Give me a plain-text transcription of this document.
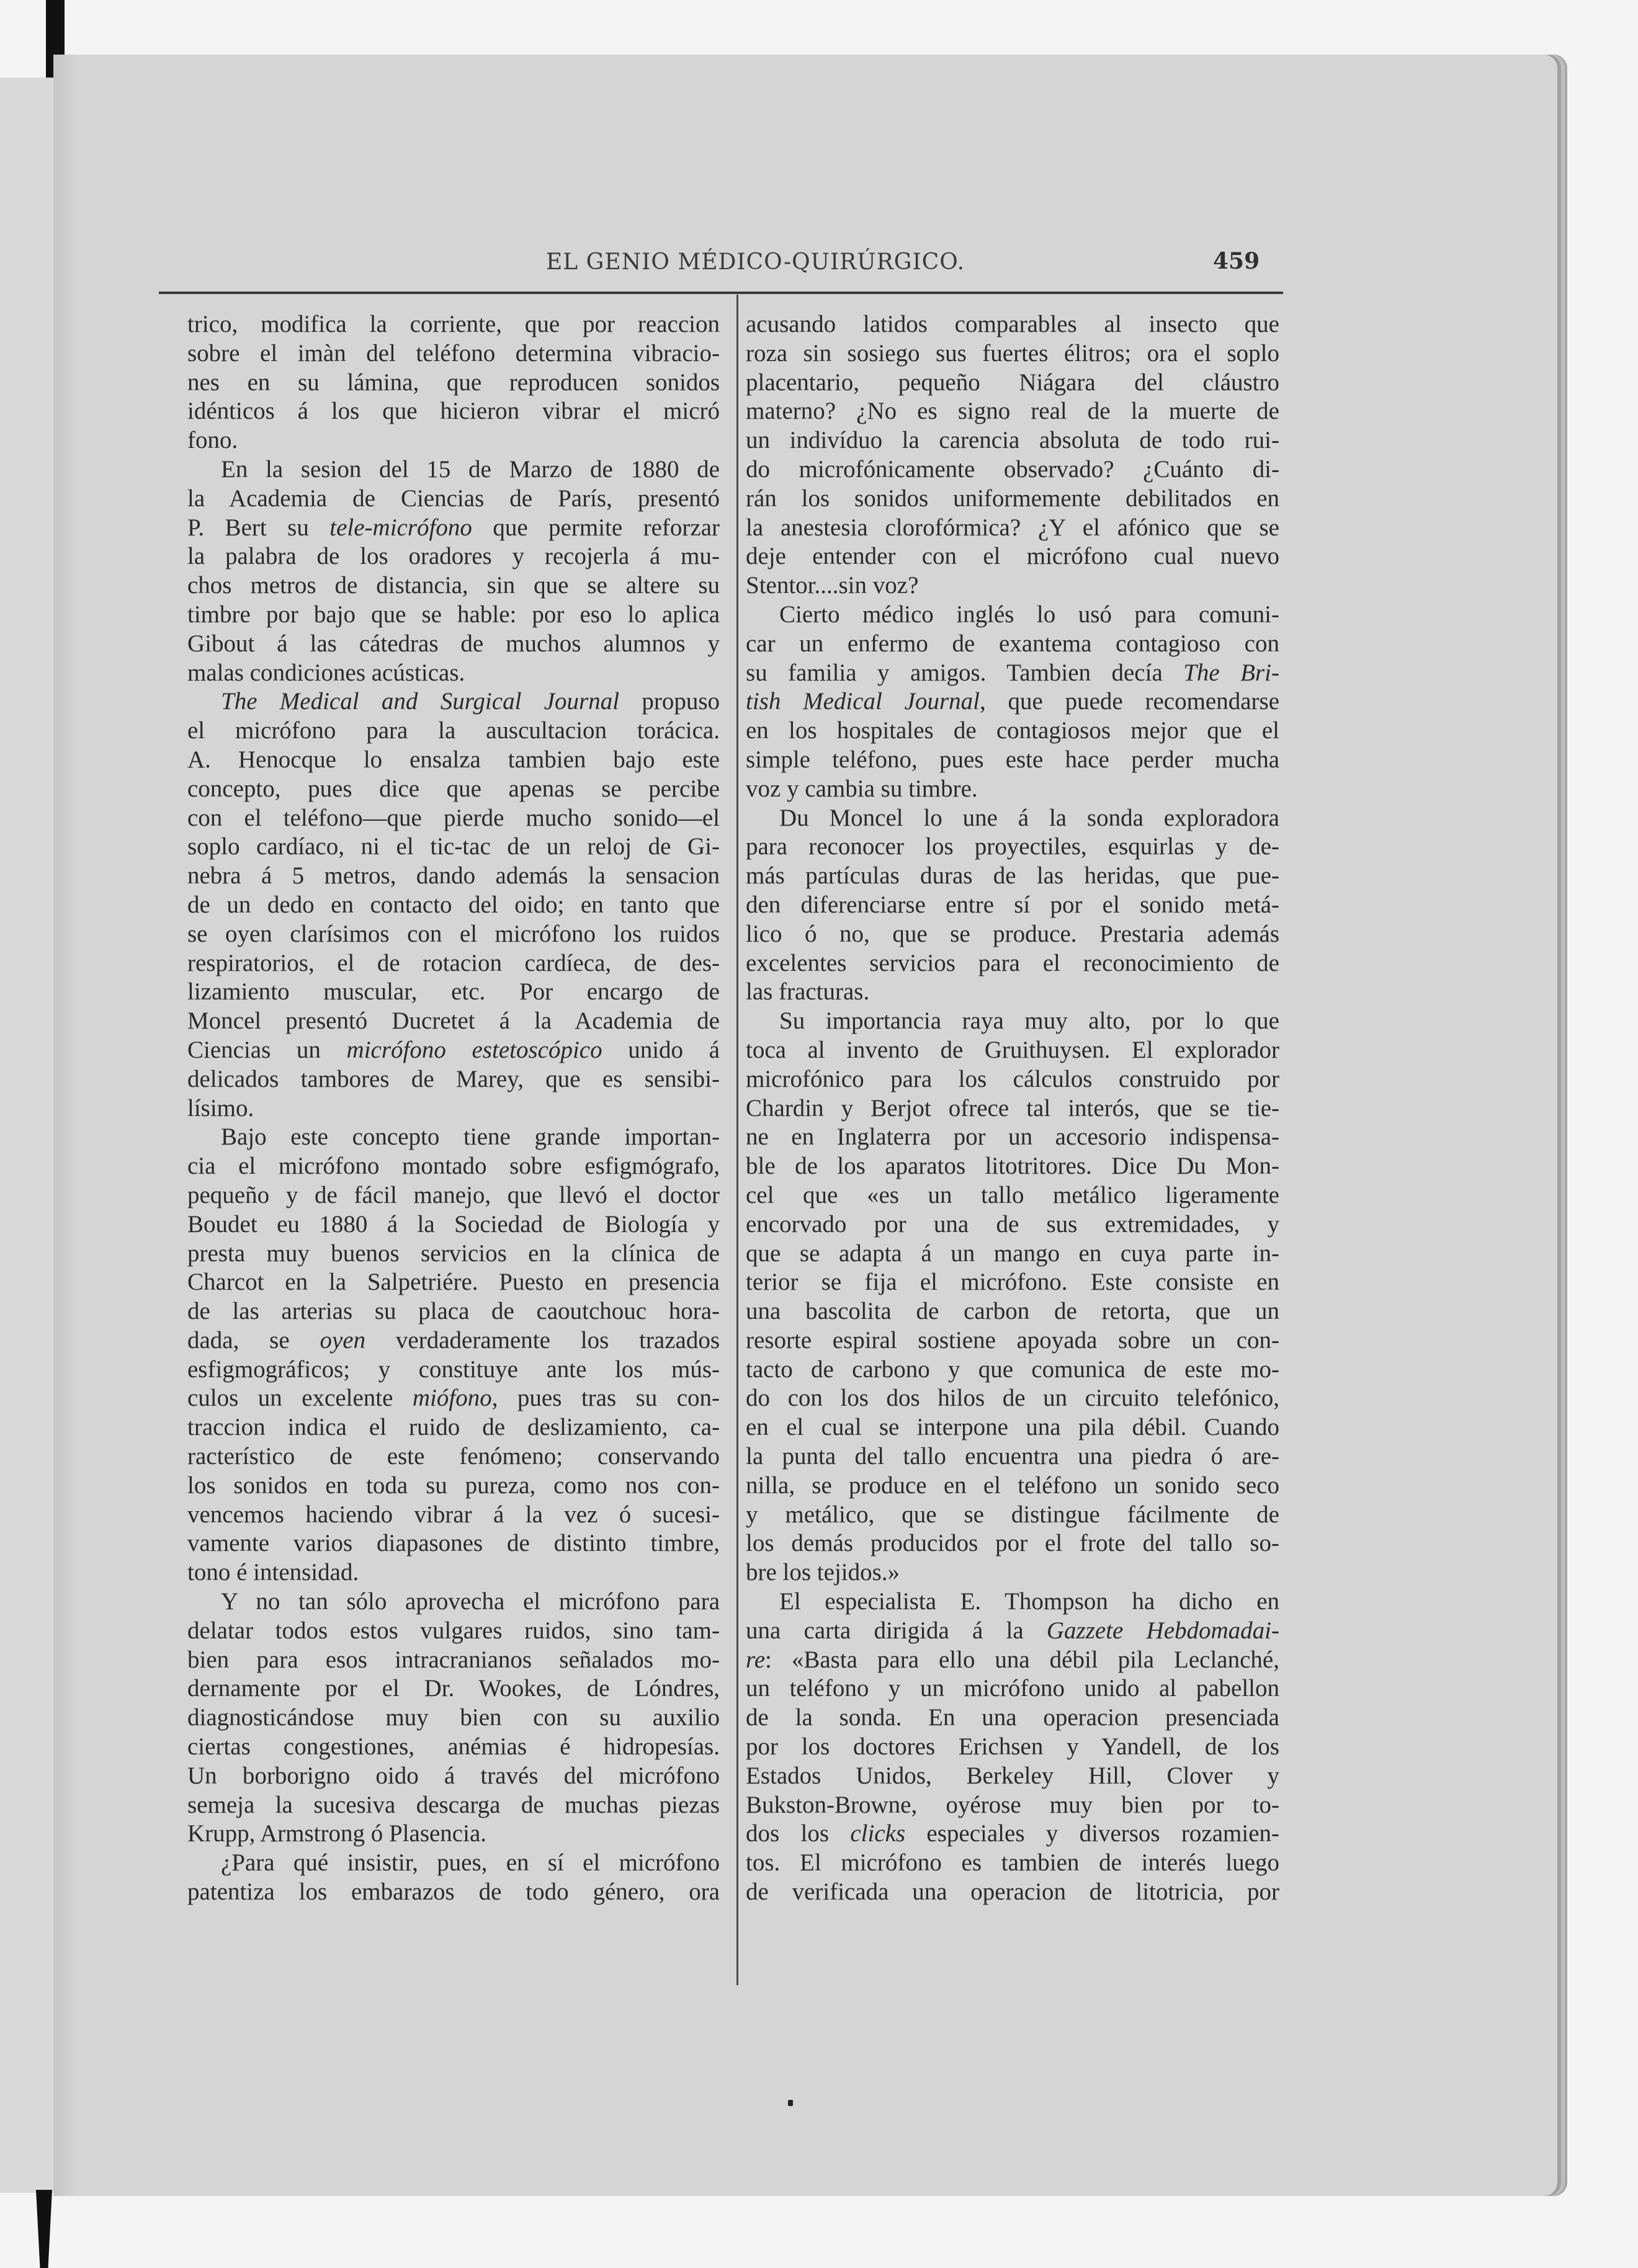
EL GENIO MÉDICO-QUIRÚRGICO.	459
trico, modifica la corriente, que por reaccion
sobre el imàn del teléfono determina vibracio-
nes en su lámina, que reproducen sonidos
idénticos á los que hicieron vibrar el micró
fono.
En la sesion del 15 de Marzo de 1880 de
la Academia de Ciencias de París, presentó
P. Bert su tele-micrófono que permite reforzar
la palabra de los oradores y recojerla á mu-
chos metros de distancia, sin que se altere su
timbre por bajo que se hable: por eso lo aplica
Gibout á las cátedras de muchos alumnos y
malas condiciones acústicas.
The Medical and Surgical Journal propuso
el micrófono para la auscultacion torácica.
A. Henocque lo ensalza tambien bajo este
concepto, pues dice que apenas se percibe
con el teléfono—que pierde mucho sonido—el
soplo cardíaco, ni el tic-tac de un reloj de Gi-
nebra á 5 metros, dando además la sensacion
de un dedo en contacto del oido; en tanto que
se oyen clarísimos con el micrófono los ruidos
respiratorios, el de rotacion cardíeca, de des-
lizamiento muscular, etc. Por encargo de
Moncel presentó Ducretet á la Academia de
Ciencias un micrófono estetoscópico unido á
delicados tambores de Marey, que es sensibi-
lísimo.
Bajo este concepto tiene grande importan-
cia el micrófono montado sobre esfigmógrafo,
pequeño y de fácil manejo, que llevó el doctor
Boudet eu 1880 á la Sociedad de Biología y
presta muy buenos servicios en la clínica de
Charcot en la Salpetriére. Puesto en presencia
de las arterias su placa de caoutchouc hora-
dada, se oyen verdaderamente los trazados
esfigmográficos; y constituye ante los mús-
culos un excelente miófono, pues tras su con-
traccion indica el ruido de deslizamiento, ca-
racterístico de este fenómeno; conservando
los sonidos en toda su pureza, como nos con-
vencemos haciendo vibrar á la vez ó sucesi-
vamente varios diapasones de distinto timbre,
tono é intensidad.
Y no tan sólo aprovecha el micrófono para
delatar todos estos vulgares ruidos, sino tam-
bien para esos intracranianos señalados mo-
dernamente por el Dr. Wookes, de Lóndres,
diagnosticándose muy bien con su auxilio
ciertas congestiones, anémias é hidropesías.
Un borborigno oido á través del micrófono
semeja la sucesiva descarga de muchas piezas
Krupp, Armstrong ó Plasencia.
¿Para qué insistir, pues, en sí el micrófono
patentiza los embarazos de todo género, ora
acusando latidos comparables al insecto que
roza sin sosiego sus fuertes élitros; ora el soplo
placentario, pequeño Niágara del cláustro
materno? ¿No es signo real de la muerte de
un indivíduo la carencia absoluta de todo rui-
do microfónicamente observado? ¿Cuánto di-
rán los sonidos uniformemente debilitados en
la anestesia clorofórmica? ¿Y el afónico que se
deje entender con el micrófono cual nuevo
Stentor....sin voz?
Cierto médico inglés lo usó para comuni-
car un enfermo de exantema contagioso con
su familia y amigos. Tambien decía The Bri-
tish Medical Journal, que puede recomendarse
en los hospitales de contagiosos mejor que el
simple teléfono, pues este hace perder mucha
voz y cambia su timbre.
Du Moncel lo une á la sonda exploradora
para reconocer los proyectiles, esquirlas y de-
más partículas duras de las heridas, que pue-
den diferenciarse entre sí por el sonido metá-
lico ó no, que se produce. Prestaria además
excelentes servicios para el reconocimiento de
las fracturas.
Su importancia raya muy alto, por lo que
toca al invento de Gruithuysen. El explorador
microfónico para los cálculos construido por
Chardin y Berjot ofrece tal interós, que se tie-
ne en Inglaterra por un accesorio indispensa-
ble de los aparatos litotritores. Dice Du Mon-
cel que «es un tallo metálico ligeramente
encorvado por una de sus extremidades, y
que se adapta á un mango en cuya parte in-
terior se fija el micrófono. Este consiste en
una bascolita de carbon de retorta, que un
resorte espiral sostiene apoyada sobre un con-
tacto de carbono y que comunica de este mo-
do con los dos hilos de un circuito telefónico,
en el cual se interpone una pila débil. Cuando
la punta del tallo encuentra una piedra ó are-
nilla, se produce en el teléfono un sonido seco
y metálico, que se distingue fácilmente de
los demás producidos por el frote del tallo so-
bre los tejidos.»
El especialista E. Thompson ha dicho en
una carta dirigida á la Gazzete Hebdomadai-
re: «Basta para ello una débil pila Leclanché,
un teléfono y un micrófono unido al pabellon
de la sonda. En una operacion presenciada
por los doctores Erichsen y Yandell, de los
Estados Unidos, Berkeley Hill, Clover y
Bukston-Browne, oyérose muy bien por to-
dos los clicks especiales y diversos rozamien-
tos. El micrófono es tambien de interés luego
de verificada una operacion de litotricia, por
